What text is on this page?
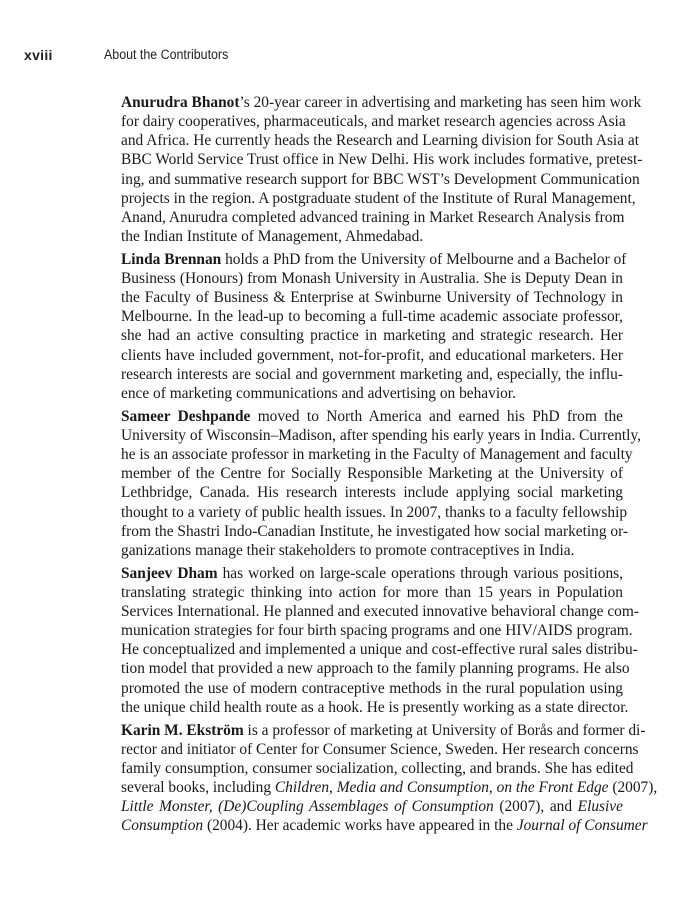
xviii	About the Contributors
Anurudra Bhanot’s 20-year career in advertising and marketing has seen him work
for dairy cooperatives, pharmaceuticals, and market research agencies across Asia
and Africa. He currently heads the Research and Learning division for South Asia at
BBC World Service Trust office in New Delhi. His work includes formative, pretest-
ing, and summative research support for BBC WST’s Development Communication
projects in the region. A postgraduate student of the Institute of Rural Management,
Anand, Anurudra completed advanced training in Market Research Analysis from
the Indian Institute of Management, Ahmedabad.
Linda Brennan holds a PhD from the University of Melbourne and a Bachelor of
Business (Honours) from Monash University in Australia. She is Deputy Dean in
the Faculty of Business & Enterprise at Swinburne University of Technology in
Melbourne. In the lead-up to becoming a full-time academic associate professor,
she had an active consulting practice in marketing and strategic research. Her
clients have included government, not-for-profit, and educational marketers. Her
research interests are social and government marketing and, especially, the influ-
ence of marketing communications and advertising on behavior.
Sameer Deshpande moved to North America and earned his PhD from the
University of Wisconsin–Madison, after spending his early years in India. Currently,
he is an associate professor in marketing in the Faculty of Management and faculty
member of the Centre for Socially Responsible Marketing at the University of
Lethbridge, Canada. His research interests include applying social marketing
thought to a variety of public health issues. In 2007, thanks to a faculty fellowship
from the Shastri Indo-Canadian Institute, he investigated how social marketing or-
ganizations manage their stakeholders to promote contraceptives in India.
Sanjeev Dham has worked on large-scale operations through various positions,
translating strategic thinking into action for more than 15 years in Population
Services International. He planned and executed innovative behavioral change com-
munication strategies for four birth spacing programs and one HIV/AIDS program.
He conceptualized and implemented a unique and cost-effective rural sales distribu-
tion model that provided a new approach to the family planning programs. He also
promoted the use of modern contraceptive methods in the rural population using
the unique child health route as a hook. He is presently working as a state director.
Karin M. Ekström is a professor of marketing at University of Borås and former di-
rector and initiator of Center for Consumer Science, Sweden. Her research concerns
family consumption, consumer socialization, collecting, and brands. She has edited
several books, including Children, Media and Consumption, on the Front Edge (2007),
Little Monster, (De)Coupling Assemblages of Consumption (2007), and Elusive
Consumption (2004). Her academic works have appeared in the Journal of Consumer
